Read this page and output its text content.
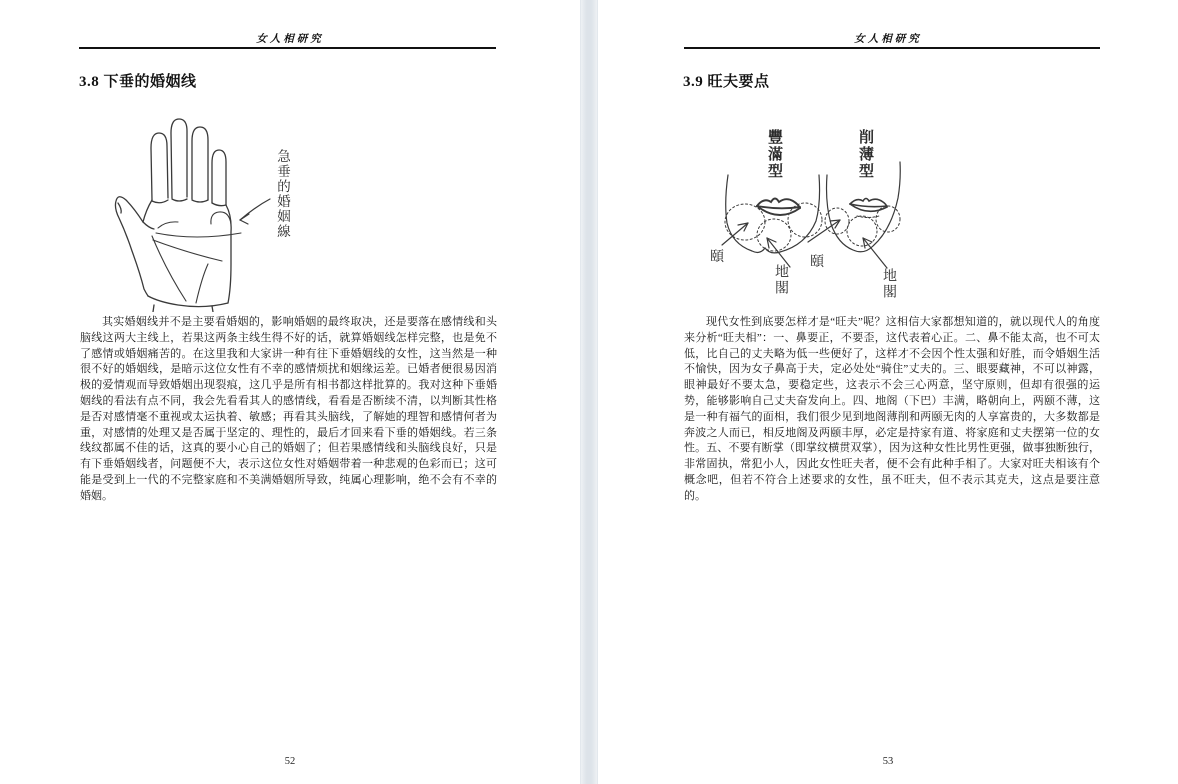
女人相研究
3.8 下垂的婚姻线
急垂的婚姻線

其实婚姻线并不是主要看婚姻的，影响婚姻的最终取决，还是要落在感情线和头脑线这两大主线上，若果这两条主线生得不好的话，就算婚姻线怎样完整，也是免不了感情或婚姻痛苦的。在这里我和大家讲一种有往下垂婚姻线的女性，这当然是一种很不好的婚姻线，是暗示这位女性有不幸的感情烦扰和姻缘运差。已婚者便很易因消极的爱情观而导致婚姻出现裂痕，这几乎是所有相书都这样批算的。我对这种下垂婚姻线的看法有点不同，我会先看看其人的感情线，看看是否断续不清，以判断其性格是否对感情毫不重视或太运执着、敏感；再看其头脑线，了解她的理智和感情何者为重，对感情的处理又是否属于坚定的、理性的，最后才回来看下垂的婚姻线。若三条线纹都属不佳的话，这真的要小心自己的婚姻了；但若果感情线和头脑线良好，只是有下垂婚姻线者，问题便不大，表示这位女性对婚姻带着一种悲观的色彩而已；这可能是受到上一代的不完整家庭和不美满婚姻所导致，纯属心理影响，绝不会有不幸的婚姻。

52
女人相研究
3.9 旺夫要点
豐滿型	削薄型
頤	頤
地閣	地閣

现代女性到底要怎样才是“旺夫”呢？这相信大家都想知道的，就以现代人的角度来分析“旺夫相”：一、鼻要正，不要歪，这代表着心正。二、鼻不能太高，也不可太低，比自己的丈夫略为低一些便好了，这样才不会因个性太强和好胜，而令婚姻生活不愉快，因为女子鼻高于夫，定必处处“骑住”丈夫的。三、眼要藏神，不可以神露，眼神最好不要太急，要稳定些，这表示不会三心两意，坚守原则，但却有很强的运势，能够影响自己丈夫奋发向上。四、地阁（下巴）丰满，略朝向上，两颐不薄，这是一种有福气的面相，我们很少见到地阁薄削和两颐无肉的人享富贵的，大多数都是奔波之人而已，相反地阁及两颐丰厚，必定是持家有道、将家庭和丈夫摆第一位的女性。五、不要有断掌（即掌纹横贯双掌），因为这种女性比男性更强，做事独断独行，非常固执，常犯小人，因此女性旺夫者，便不会有此种手相了。大家对旺夫相该有个概念吧，但若不符合上述要求的女性，虽不旺夫，但不表示其克夫，这点是要注意的。

53
